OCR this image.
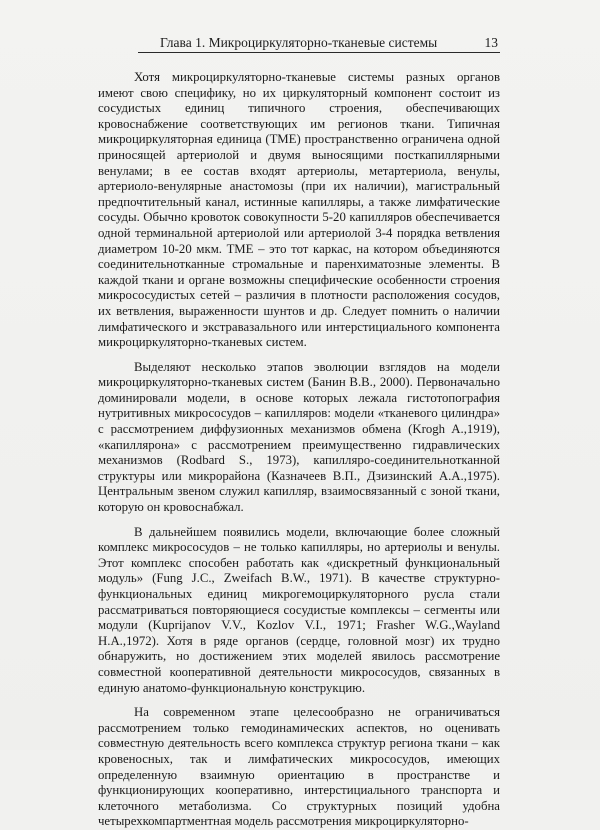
Глава 1. Микроциркуляторно-тканевые системы	13

Хотя микроциркуляторно-тканевые системы разных органов имеют свою специфику, но их циркуляторный компонент состоит из сосудистых единиц типичного строения, обеспечивающих кровоснабжение соответствующих им регионов ткани. Типичная микроциркуляторная единица (ТМЕ) пространственно ограничена одной приносящей артериолой и двумя выносящими посткапиллярными венулами; в ее состав входят артериолы, метартериола, венулы, артериоло-венулярные анастомозы (при их наличии), магистральный предпочтительный канал, истинные капилляры, а также лимфатические сосуды. Обычно кровоток совокупности 5-20 капилляров обеспечивается одной терминальной артериолой или артериолой 3-4 порядка ветвления диаметром 10-20 мкм. ТМЕ – это тот каркас, на котором объединяются соединительнотканные стромальные и паренхиматозные элементы. В каждой ткани и органе возможны специфические особенности строения микрососудистых сетей – различия в плотности расположения сосудов, их ветвления, выраженности шунтов и др. Следует помнить о наличии лимфатического и экстравазального или интерстициального компонента микроциркуляторно-тканевых систем.

Выделяют несколько этапов эволюции взглядов на модели микроциркуляторно-тканевых систем (Банин В.В., 2000). Первоначально доминировали модели, в основе которых лежала гистотопография нутритивных микрососудов – капилляров: модели «тканевого цилиндра» с рассмотрением диффузионных механизмов обмена (Krogh A.,1919), «капиллярона» с рассмотрением преимущественно гидравлических механизмов (Rodbard S., 1973), капилляро-соединительнотканной структуры или микрорайона (Казначеев В.П., Дзизинский А.А.,1975). Центральным звеном служил капилляр, взаимосвязанный с зоной ткани, которую он кровоснабжал.

В дальнейшем появились модели, включающие более сложный комплекс микрососудов – не только капилляры, но артериолы и венулы. Этот комплекс способен работать как «дискретный функциональный модуль» (Fung J.C., Zweifach B.W., 1971). В качестве структурно-функциональных единиц микрогемоциркуляторного русла стали рассматриваться повторяющиеся сосудистые комплексы – сегменты или модули (Kuprijanov V.V., Kozlov V.I., 1971; Frasher W.G.,Wayland H.A.,1972). Хотя в ряде органов (сердце, головной мозг) их трудно обнаружить, но достижением этих моделей явилось рассмотрение совместной кооперативной деятельности микрососудов, связанных в единую анатомо-функциональную конструкцию.

На современном этапе целесообразно не ограничиваться рассмотрением только гемодинамических аспектов, но оценивать совместную деятельность всего комплекса структур региона ткани – как кровеносных, так и лимфатических микрососудов, имеющих определенную взаимную ориентацию в пространстве и функционирующих кооперативно, интерстициального транспорта и клеточного метаболизма. Со структурных позиций удобна четырехкомпартментная модель рассмотрения микроциркуляторно-
